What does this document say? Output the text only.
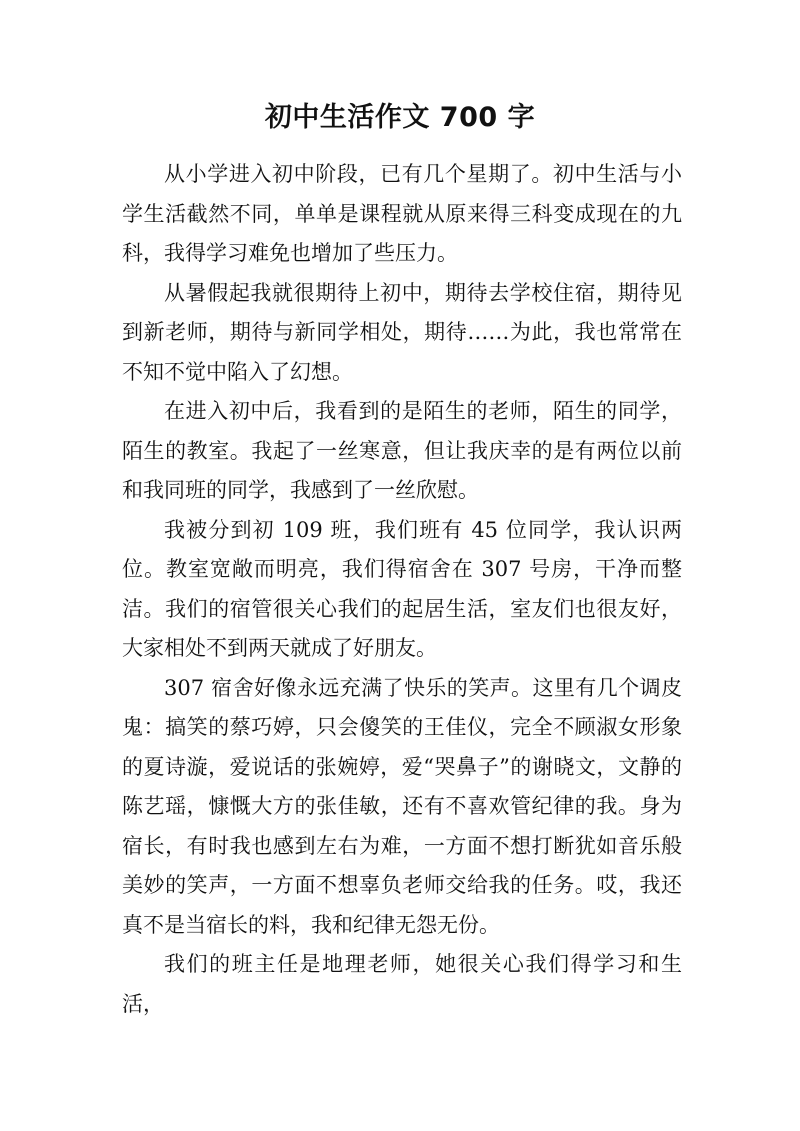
初中生活作文 700 字

从小学进入初中阶段，已有几个星期了。初中生活与小学生活截然不同，单单是课程就从原来得三科变成现在的九科，我得学习难免也增加了些压力。

从暑假起我就很期待上初中，期待去学校住宿，期待见到新老师，期待与新同学相处，期待……为此，我也常常在不知不觉中陷入了幻想。

在进入初中后，我看到的是陌生的老师，陌生的同学，陌生的教室。我起了一丝寒意，但让我庆幸的是有两位以前和我同班的同学，我感到了一丝欣慰。

我被分到初 109 班，我们班有 45 位同学，我认识两位。教室宽敞而明亮，我们得宿舍在 307 号房，干净而整洁。我们的宿管很关心我们的起居生活，室友们也很友好，大家相处不到两天就成了好朋友。

307 宿舍好像永远充满了快乐的笑声。这里有几个调皮鬼：搞笑的蔡巧婷，只会傻笑的王佳仪，完全不顾淑女形象的夏诗漩，爱说话的张婉婷，爱“哭鼻子”的谢晓文，文静的陈艺瑶，慷慨大方的张佳敏，还有不喜欢管纪律的我。身为宿长，有时我也感到左右为难，一方面不想打断犹如音乐般美妙的笑声，一方面不想辜负老师交给我的任务。哎，我还真不是当宿长的料，我和纪律无怨无份。

我们的班主任是地理老师，她很关心我们得学习和生活，
